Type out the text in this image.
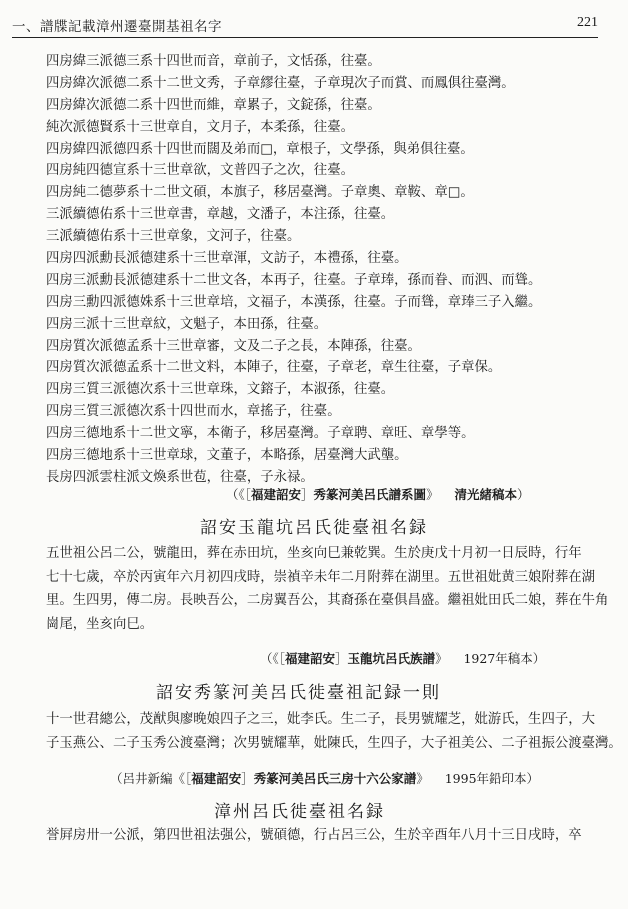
一、譜牒記載漳州遷臺開基祖名字	221
四房緯三派德三系十四世而音，章前子，文恬孫，往臺。
四房緯次派德二系十二世文秀，子章繆往臺，子章現次子而賞、而鳳俱往臺灣。
四房緯次派德二系十四世而維，章累子，文錠孫，往臺。
純次派德賢系十三世章自，文月子，本柔孫，往臺。
四房緯四派德四系十四世而闊及弟而□，章根子，文學孫，與弟俱往臺。
四房純四德宣系十三世章欲，文普四子之次，往臺。
四房純二德夢系十二世文碩，本旗子，移居臺灣。子章奧、章鞍、章□。
三派續德佑系十三世章書，章越，文潘子，本注孫，往臺。
三派續德佑系十三世章象，文河子，往臺。
四房四派勳長派德建系十三世章渾，文訪子，本禮孫，往臺。
四房三派勳長派德建系十二世文各，本再子，往臺。子章琫，孫而眷、而泗、而聳。
四房三勳四派德姝系十三世章培，文福子，本漢孫，往臺。子而聳，章琫三子入繼。
四房三派十三世章紋，文魁子，本田孫，往臺。
四房質次派德孟系十三世章審，文及二子之長，本陣孫，往臺。
四房質次派德孟系十二世文料，本陣子，往臺，子章老，章生往臺，子章保。
四房三質三派德次系十三世章珠，文鎔子，本淑孫，往臺。
四房三質三派德次系十四世而水，章搖子，往臺。
四房三德地系十二世文寧，本衛子，移居臺灣。子章聘、章旺、章學等。
四房三德地系十三世章球，文董子，本略孫，居臺灣大武壟。
長房四派雲柱派文煥系世苞，往臺，子永禄。
（《［福建詔安］秀篆河美呂氏譜系圖》 清光緒稿本）
詔安玉龍坑呂氏徙臺祖名録
五世祖公呂二公，號龍田，葬在赤田坑，坐亥向巳兼乾巽。生於庚戊十月初一日辰時，行年
七十七歲，卒於丙寅年六月初四戌時，崇禎辛未年二月附葬在湖里。五世祖妣黄三娘附葬在湖
里。生四男，傳二房。長映吾公，二房翼吾公，其裔孫在臺俱昌盛。繼祖妣田氏二娘，葬在牛角
崗尾，坐亥向巳。
（《［福建詔安］玉龍坑呂氏族譜》 1927年稿本）
詔安秀篆河美呂氏徙臺祖記録一則
十一世君總公，茂猷與廖晚娘四子之三，妣李氏。生二子，長男號耀芝，妣游氏，生四子，大
子玉燕公、二子玉秀公渡臺灣；次男號耀華，妣陳氏，生四子，大子祖美公、二子祖振公渡臺灣。
（呂井新編《［福建詔安］秀篆河美呂氏三房十六公家譜》 1995年鉛印本）
漳州呂氏徙臺祖名録
誉屛房卅一公派，第四世祖法强公，號碩德，行占呂三公，生於辛酉年八月十三日戌時，卒
